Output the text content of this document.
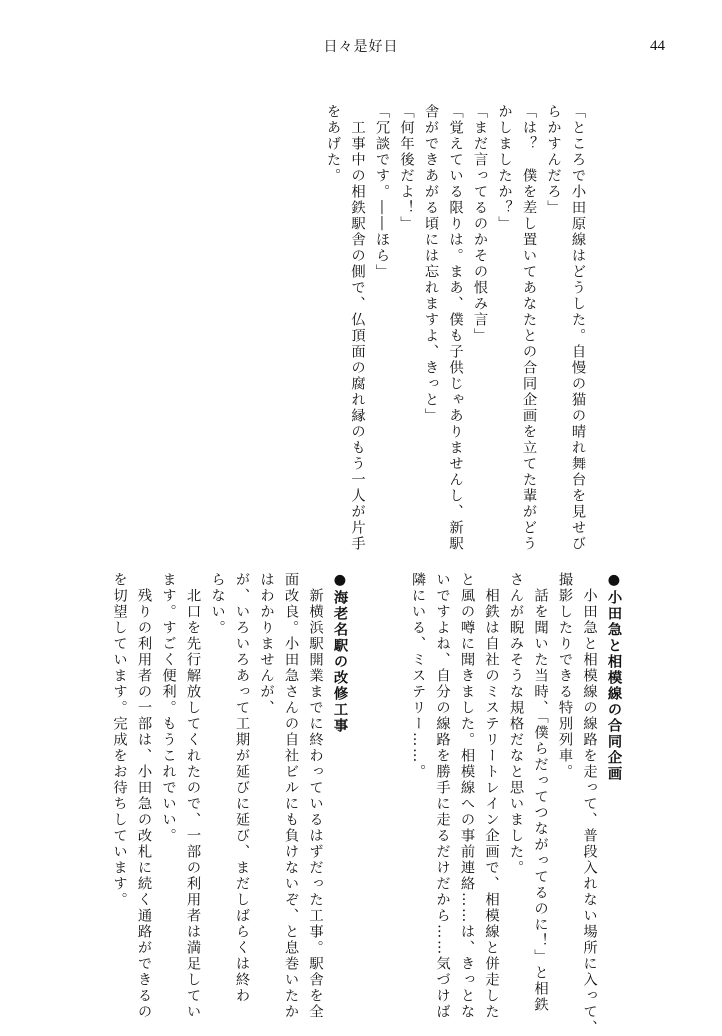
日々是好日	44
「ところで小田原線はどうした。自慢の猫の晴れ舞台を見せび
らかすんだろ」
「は？　僕を差し置いてあなたとの合同企画を立てた輩がどう
かしましたか？」
「まだ言ってるのかその恨み言」
「覚えている限りは。まあ、僕も子供じゃありませんし、新駅
舎ができあがる頃には忘れますよ、きっと」
「何年後だよ！」
「冗談です。――ほら」
　工事中の相鉄駅舎の側で、仏頂面の腐れ縁のもう一人が片手
をあげた。
●小田急と相模線の合同企画
　小田急と相模線の線路を走って、普段入れない場所に入って、
撮影したりできる特別列車。
　話を聞いた当時、「僕らだってつながってるのに！」と相鉄
さんが睨みそうな規格だなと思いました。
　相鉄は自社のミステリートレイン企画で、相模線と併走した
と風の噂に聞きました。相模線への事前連絡……は、きっとな
いですよね、自分の線路を勝手に走るだけだから……気づけば
隣にいる、ミステリー……。
●海老名駅の改修工事
　新横浜駅開業までに終わっているはずだった工事。駅舎を全
面改良。小田急さんの自社ビルにも負けないぞ、と息巻いたか
はわかりませんが、
が、いろいろあって工期が延びに延び、まだしばらくは終わ
らない。
　北口を先行解放してくれたので、一部の利用者は満足してい
ます。すごく便利。もうこれでいい。
　残りの利用者の一部は、小田急の改札に続く通路ができるの
を切望しています。完成をお待ちしています。
